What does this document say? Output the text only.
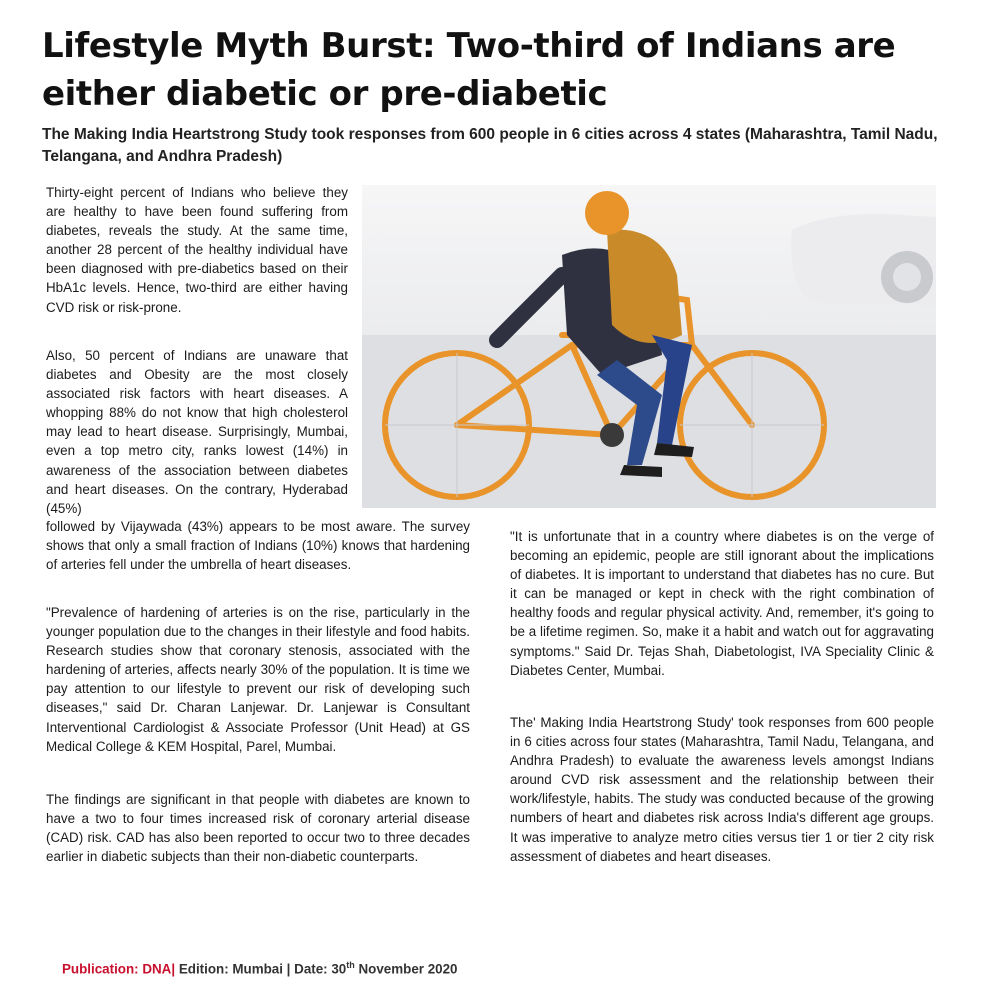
Lifestyle Myth Burst: Two-third of Indians are either diabetic or pre-diabetic

The Making India Heartstrong Study took responses from 600 people in 6 cities across 4 states (Maharashtra, Tamil Nadu, Telangana, and Andhra Pradesh)

Thirty-eight percent of Indians who believe they are healthy to have been found suffering from diabetes, reveals the study. At the same time, another 28 percent of the healthy individual have been diagnosed with pre-diabetics based on their HbA1c levels. Hence, two-third are either having CVD risk or risk-prone.

Also, 50 percent of Indians are unaware that diabetes and Obesity are the most closely associated risk factors with heart diseases. A whopping 88% do not know that high cholesterol may lead to heart disease. Surprisingly, Mumbai, even a top metro city, ranks lowest (14%) in awareness of the association between diabetes and heart diseases. On the contrary, Hyderabad (45%)

followed by Vijaywada (43%) appears to be most aware. The survey shows that only a small fraction of Indians (10%) knows that hardening of arteries fell under the umbrella of heart diseases.

"Prevalence of hardening of arteries is on the rise, particularly in the younger population due to the changes in their lifestyle and food habits. Research studies show that coronary stenosis, associated with the hardening of arteries, affects nearly 30% of the population. It is time we pay attention to our lifestyle to prevent our risk of developing such diseases," said Dr. Charan Lanjewar. Dr. Lanjewar is Consultant Interventional Cardiologist & Associate Professor (Unit Head) at GS Medical College & KEM Hospital, Parel, Mumbai.

The findings are significant in that people with diabetes are known to have a two to four times increased risk of coronary arterial disease (CAD) risk. CAD has also been reported to occur two to three decades earlier in diabetic subjects than their non-diabetic counterparts.

"It is unfortunate that in a country where diabetes is on the verge of becoming an epidemic, people are still ignorant about the implications of diabetes. It is important to understand that diabetes has no cure. But it can be managed or kept in check with the right combination of healthy foods and regular physical activity. And, remember, it's going to be a lifetime regimen. So, make it a habit and watch out for aggravating symptoms." Said Dr. Tejas Shah, Diabetologist, IVA Speciality Clinic & Diabetes Center, Mumbai.

The' Making India Heartstrong Study' took responses from 600 people in 6 cities across four states (Maharashtra, Tamil Nadu, Telangana, and Andhra Pradesh) to evaluate the awareness levels amongst Indians around CVD risk assessment and the relationship between their work/lifestyle, habits. The study was conducted because of the growing numbers of heart and diabetes risk across India's different age groups. It was imperative to analyze metro cities versus tier 1 or tier 2 city risk assessment of diabetes and heart diseases.

Publication: DNA| Edition: Mumbai | Date: 30th November 2020
